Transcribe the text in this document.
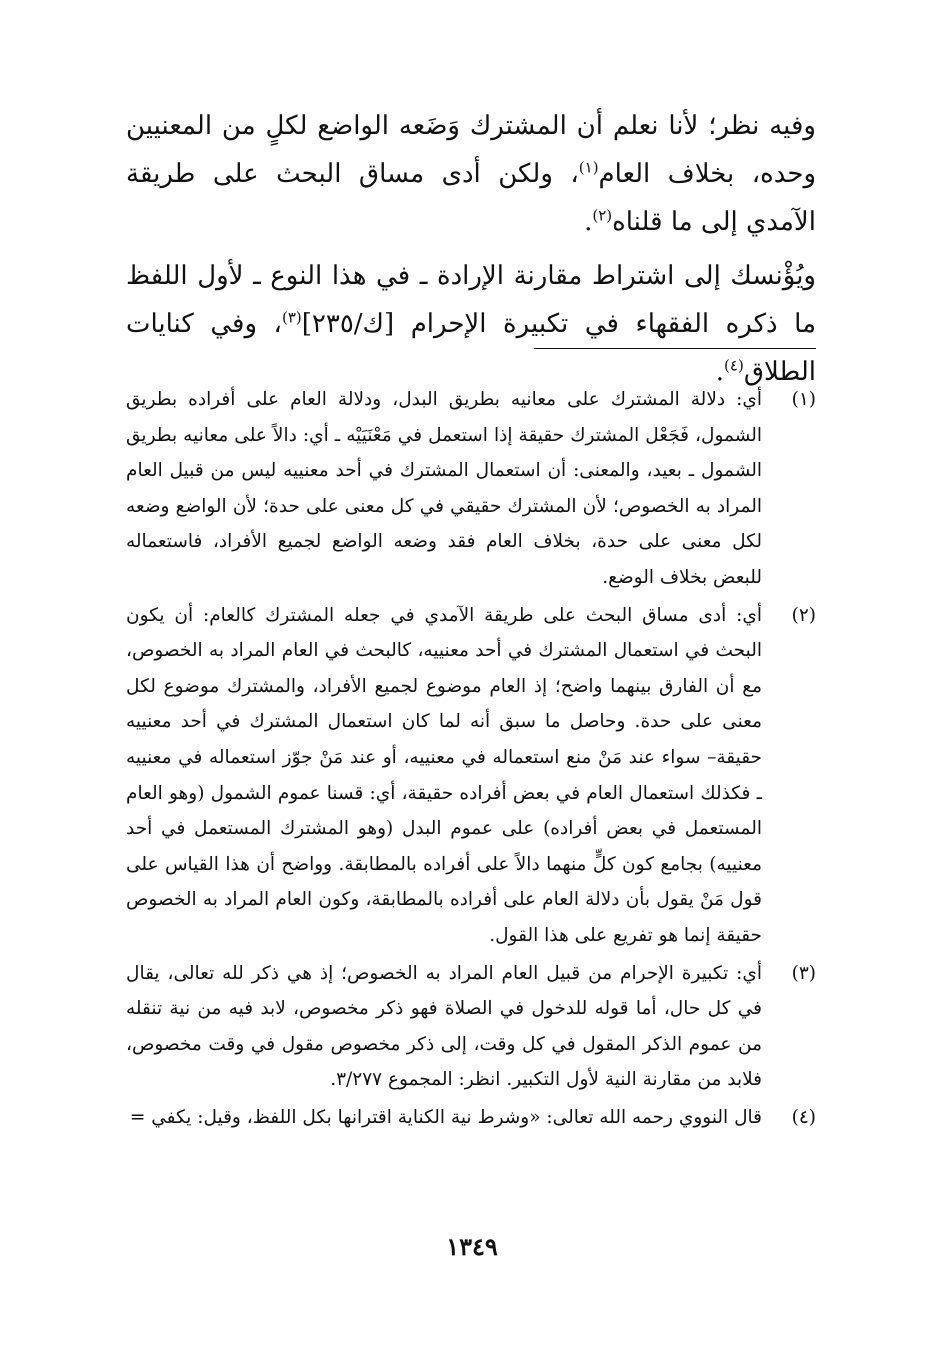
وفيه نظر؛ لأنا نعلم أن المشترك وَضَعه الواضع لكلٍ من المعنيين وحده، بخلاف العام$^{(١)}$، ولكن أدى مساق البحث على طريقة الآمدي إلى ما قلناه$^{(٢)}$.

ويُؤْنسك إلى اشتراط مقارنة الإرادة ـ في هذا النوع ـ لأول اللفظ ما ذكره الفقهاء في تكبيرة الإحرام [ك/٢٣٥]$^{(٣)}$، وفي كنايات الطلاق$^{(٤)}$.

(١)
أي: دلالة المشترك على معانيه بطريق البدل، ودلالة العام على أفراده بطريق الشمول، فَجَعْل المشترك حقيقة إذا استعمل في مَعْنَيَيْه ـ أي: دالاً على معانيه بطريق الشمول ـ بعيد، والمعنى: أن استعمال المشترك في أحد معنييه ليس من قبيل العام المراد به الخصوص؛ لأن المشترك حقيقي في كل معنى على حدة؛ لأن الواضع وضعه لكل معنى على حدة، بخلاف العام فقد وضعه الواضع لجميع الأفراد، فاستعماله للبعض بخلاف الوضع.
(٢)
أي: أدى مساق البحث على طريقة الآمدي في جعله المشترك كالعام: أن يكون البحث في استعمال المشترك في أحد معنييه، كالبحث في العام المراد به الخصوص، مع أن الفارق بينهما واضح؛ إذ العام موضوع لجميع الأفراد، والمشترك موضوع لكل معنى على حدة. وحاصل ما سبق أنه لما كان استعمال المشترك في أحد معنييه حقيقة– سواء عند مَنْ منع استعماله في معنييه، أو عند مَنْ جوّز استعماله في معنييه ـ فكذلك استعمال العام في بعض أفراده حقيقة، أي: قسنا عموم الشمول (وهو العام المستعمل في بعض أفراده) على عموم البدل (وهو المشترك المستعمل في أحد معنييه) بجامع كون كلٍّ منهما دالاً على أفراده بالمطابقة. وواضح أن هذا القياس على قول مَنْ يقول بأن دلالة العام على أفراده بالمطابقة، وكون العام المراد به الخصوص حقيقة إنما هو تفريع على هذا القول.
(٣)
أي: تكبيرة الإحرام من قبيل العام المراد به الخصوص؛ إذ هي ذكر لله تعالى، يقال في كل حال، أما قوله للدخول في الصلاة فهو ذكر مخصوص، لابد فيه من نية تنقله من عموم الذكر المقول في كل وقت، إلى ذكر مخصوص مقول في وقت مخصوص، فلابد من مقارنة النية لأول التكبير. انظر: المجموع ٣/٢٧٧.
(٤)
قال النووي رحمه الله تعالى: «وشرط نية الكناية اقترانها بكل اللفظ، وقيل: يكفي =
١٣٤٩
